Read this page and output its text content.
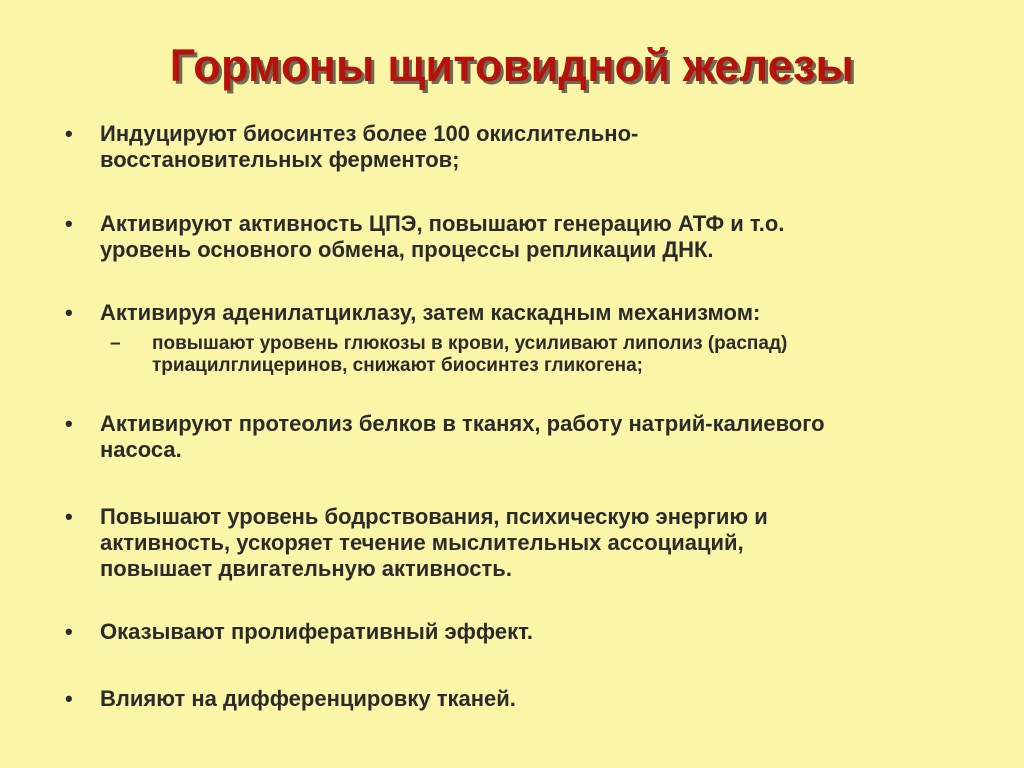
Гормоны щитовидной железы
•	Индуцируют биосинтез более 100 окислительно-
восстановительных ферментов;
•	Активируют активность ЦПЭ, повышают генерацию АТФ и т.о.
уровень основного обмена, процессы репликации ДНК.
•	Активируя аденилатциклазу, затем каскадным механизмом:
– повышают уровень глюкозы в крови, усиливают липолиз (распад)
триацилглицеринов, снижают биосинтез гликогена;
•	Активируют протеолиз белков в тканях, работу натрий-калиевого
насоса.
•	Повышают уровень бодрствования, психическую энергию и
активность, ускоряет течение мыслительных ассоциаций,
повышает двигательную активность.
•	Оказывают пролиферативный эффект.
•	Влияют на дифференцировку тканей.
